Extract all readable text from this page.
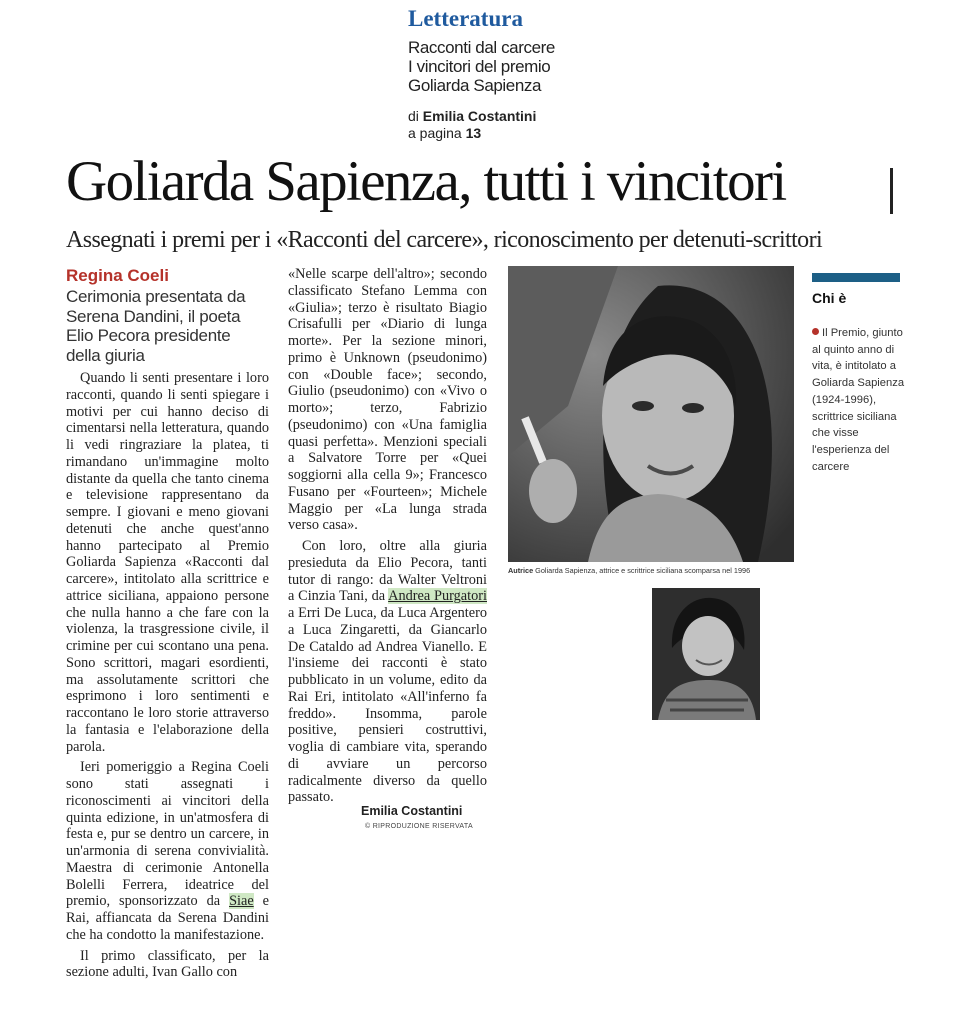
Letteratura
Racconti dal carcere
I vincitori del premio
Goliarda Sapienza
di Emilia Costantini
a pagina 13
Goliarda Sapienza, tutti i vincitori
Assegnati i premi per i «Racconti del carcere», riconoscimento per detenuti-scrittori
Regina Coeli
Cerimonia presentata da Serena Dandini, il poeta Elio Pecora presidente della giuria

Quando li senti presentare i loro racconti, quando li senti spiegare i motivi per cui hanno deciso di cimentarsi nella letteratura, quando li vedi ringraziare la platea, ti rimandano un'immagine molto distante da quella che tanto cinema e televisione rappresentano da sempre. I giovani e meno giovani detenuti che anche quest'anno hanno partecipato al Premio Goliarda Sapienza «Racconti dal carcere», intitolato alla scrittrice e attrice siciliana, appaiono persone che nulla hanno a che fare con la violenza, la trasgressione civile, il crimine per cui scontano una pena. Sono scrittori, magari esordienti, ma assolutamente scrittori che esprimono i loro sentimenti e raccontano le loro storie attraverso la fantasia e l'elaborazione della parola.

Ieri pomeriggio a Regina Coeli sono stati assegnati i riconoscimenti ai vincitori della quinta edizione, in un'atmosfera di festa e, pur se dentro un carcere, in un'armonia di serena convivialità. Maestra di cerimonie Antonella Bolelli Ferrera, ideatrice del premio, sponsorizzato da Siae e Rai, affiancata da Serena Dandini che ha condotto la manifestazione.

Il primo classificato, per la sezione adulti, Ivan Gallo con

«Nelle scarpe dell'altro»; secondo classificato Stefano Lemma con «Giulia»; terzo è risultato Biagio Crisafulli per «Diario di lunga morte». Per la sezione minori, primo è Unknown (pseudonimo) con «Double face»; secondo, Giulio (pseudonimo) con «Vivo o morto»; terzo, Fabrizio (pseudonimo) con «Una famiglia quasi perfetta». Menzioni speciali a Salvatore Torre per «Quei soggiorni alla cella 9»; Francesco Fusano per «Fourteen»; Michele Maggio per «La lunga strada verso casa».

Con loro, oltre alla giuria presieduta da Elio Pecora, tanti tutor di rango: da Walter Veltroni a Cinzia Tani, da Andrea Purgatori a Erri De Luca, da Luca Argentero a Luca Zingaretti, da Giancarlo De Cataldo ad Andrea Vianello. E l'insieme dei racconti è stato pubblicato in un volume, edito da Rai Eri, intitolato «All'inferno fa freddo». Insomma, parole positive, pensieri costruttivi, voglia di cambiare vita, sperando di avviare un percorso radicalmente diverso da quello passato.

Emilia Costantini
© RIPRODUZIONE RISERVATA
Autrice Goliarda Sapienza, attrice e scrittrice siciliana scomparsa nel 1996
Chi è
Il Premio, giunto al quinto anno di vita, è intitolato a Goliarda Sapienza (1924-1996), scrittrice siciliana che visse l'esperienza del carcere
